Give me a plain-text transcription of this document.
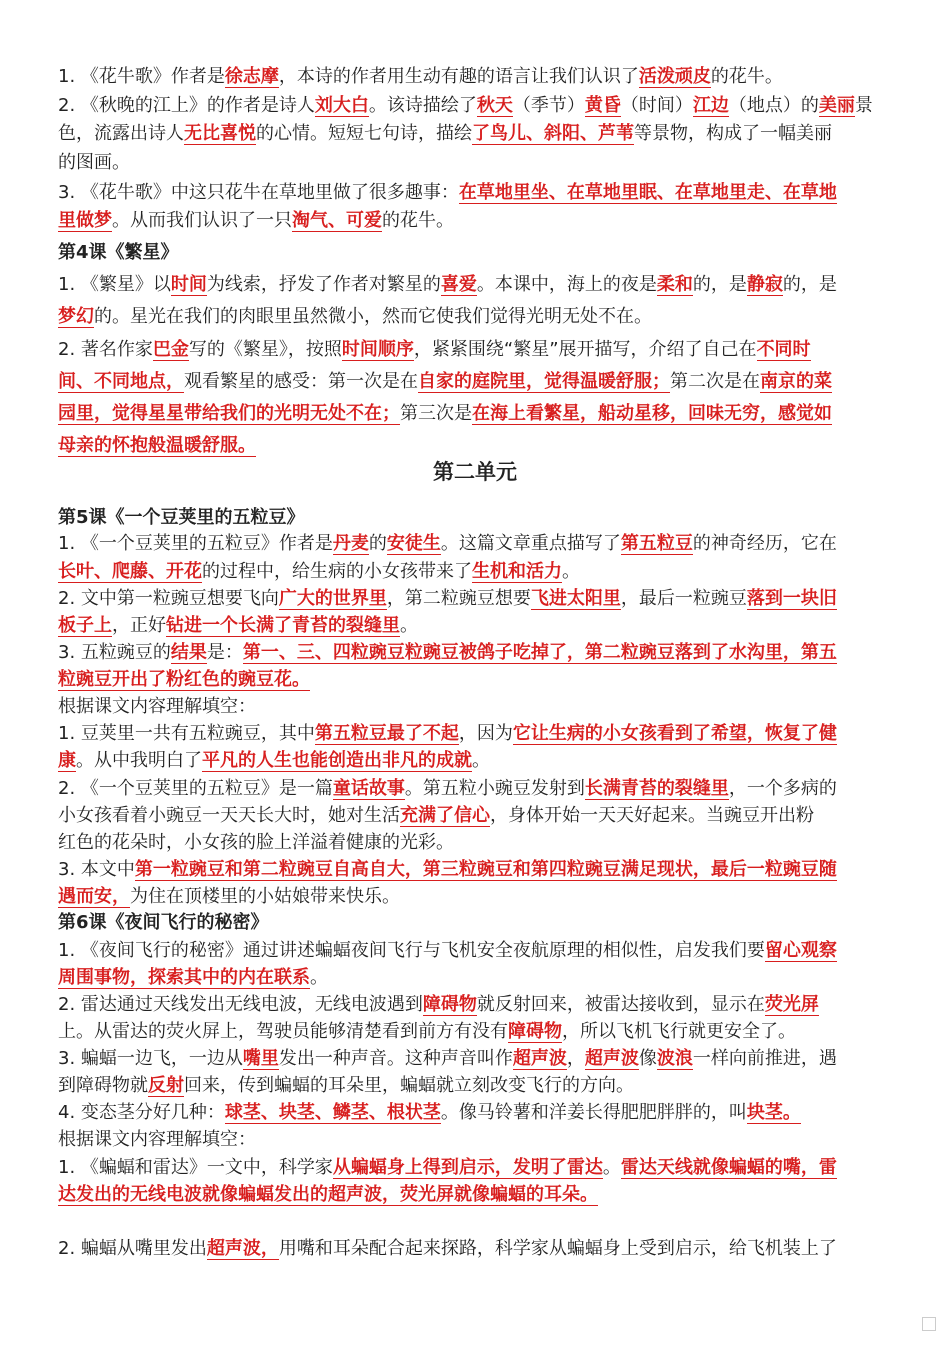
1. 《花牛歌》作者是徐志摩，本诗的作者用生动有趣的语言让我们认识了活泼顽皮的花牛。
2. 《秋晚的江上》的作者是诗人刘大白。该诗描绘了秋天（季节）黄昏（时间）江边（地点）的美丽景
色，流露出诗人无比喜悦的心情。短短七句诗，描绘了鸟儿、斜阳、芦苇等景物，构成了一幅美丽
的图画。
3. 《花牛歌》中这只花牛在草地里做了很多趣事：在草地里坐、在草地里眠、在草地里走、在草地
里做梦。从而我们认识了一只淘气、可爱的花牛。
第4课《繁星》
1. 《繁星》以时间为线索，抒发了作者对繁星的喜爱。本课中，海上的夜是柔和的，是静寂的，是
梦幻的。星光在我们的肉眼里虽然微小，然而它使我们觉得光明无处不在。
2. 著名作家巴金写的《繁星》，按照时间顺序，紧紧围绕“繁星”展开描写，介绍了自己在不同时
间、不同地点，观看繁星的感受：第一次是在自家的庭院里，觉得温暖舒服；第二次是在南京的菜
园里，觉得星星带给我们的光明无处不在；第三次是在海上看繁星，船动星移，回味无穷，感觉如
母亲的怀抱般温暖舒服。
第5课《一个豆荚里的五粒豆》
1. 《一个豆荚里的五粒豆》作者是丹麦的安徒生。这篇文章重点描写了第五粒豆的神奇经历，它在
长叶、爬藤、开花的过程中，给生病的小女孩带来了生机和活力。
2. 文中第一粒豌豆想要飞向广大的世界里，第二粒豌豆想要飞进太阳里，最后一粒豌豆落到一块旧
板子上，正好钻进一个长满了青苔的裂缝里。
3. 五粒豌豆的结果是：第一、三、四粒豌豆粒豌豆被鸽子吃掉了，第二粒豌豆落到了水沟里，第五
粒豌豆开出了粉红色的豌豆花。
根据课文内容理解填空：
1. 豆荚里一共有五粒豌豆，其中第五粒豆最了不起，因为它让生病的小女孩看到了希望，恢复了健
康。从中我明白了平凡的人生也能创造出非凡的成就。
2. 《一个豆荚里的五粒豆》是一篇童话故事。第五粒小豌豆发射到长满青苔的裂缝里，一个多病的
小女孩看着小豌豆一天天长大时，她对生活充满了信心，身体开始一天天好起来。当豌豆开出粉
红色的花朵时，小女孩的脸上洋溢着健康的光彩。
3. 本文中第一粒豌豆和第二粒豌豆自高自大，第三粒豌豆和第四粒豌豆满足现状，最后一粒豌豆随
遇而安，为住在顶楼里的小姑娘带来快乐。
第6课《夜间飞行的秘密》
1. 《夜间飞行的秘密》通过讲述蝙蝠夜间飞行与飞机安全夜航原理的相似性，启发我们要留心观察
周围事物，探索其中的内在联系。
2. 雷达通过天线发出无线电波，无线电波遇到障碍物就反射回来，被雷达接收到，显示在荧光屏
上。从雷达的荧火屏上，驾驶员能够清楚看到前方有没有障碍物，所以飞机飞行就更安全了。
3. 蝙蝠一边飞，一边从嘴里发出一种声音。这种声音叫作超声波，超声波像波浪一样向前推进，遇
到障碍物就反射回来，传到蝙蝠的耳朵里，蝙蝠就立刻改变飞行的方向。
4. 变态茎分好几种：球茎、块茎、鳞茎、根状茎。像马铃薯和洋姜长得肥肥胖胖的，叫块茎。
根据课文内容理解填空：
1. 《蝙蝠和雷达》一文中，科学家从蝙蝠身上得到启示，发明了雷达。雷达天线就像蝙蝠的嘴，雷
达发出的无线电波就像蝙蝠发出的超声波，荧光屏就像蝙蝠的耳朵。
2. 蝙蝠从嘴里发出超声波，用嘴和耳朵配合起来探路，科学家从蝙蝠身上受到启示，给飞机装上了
第二单元
